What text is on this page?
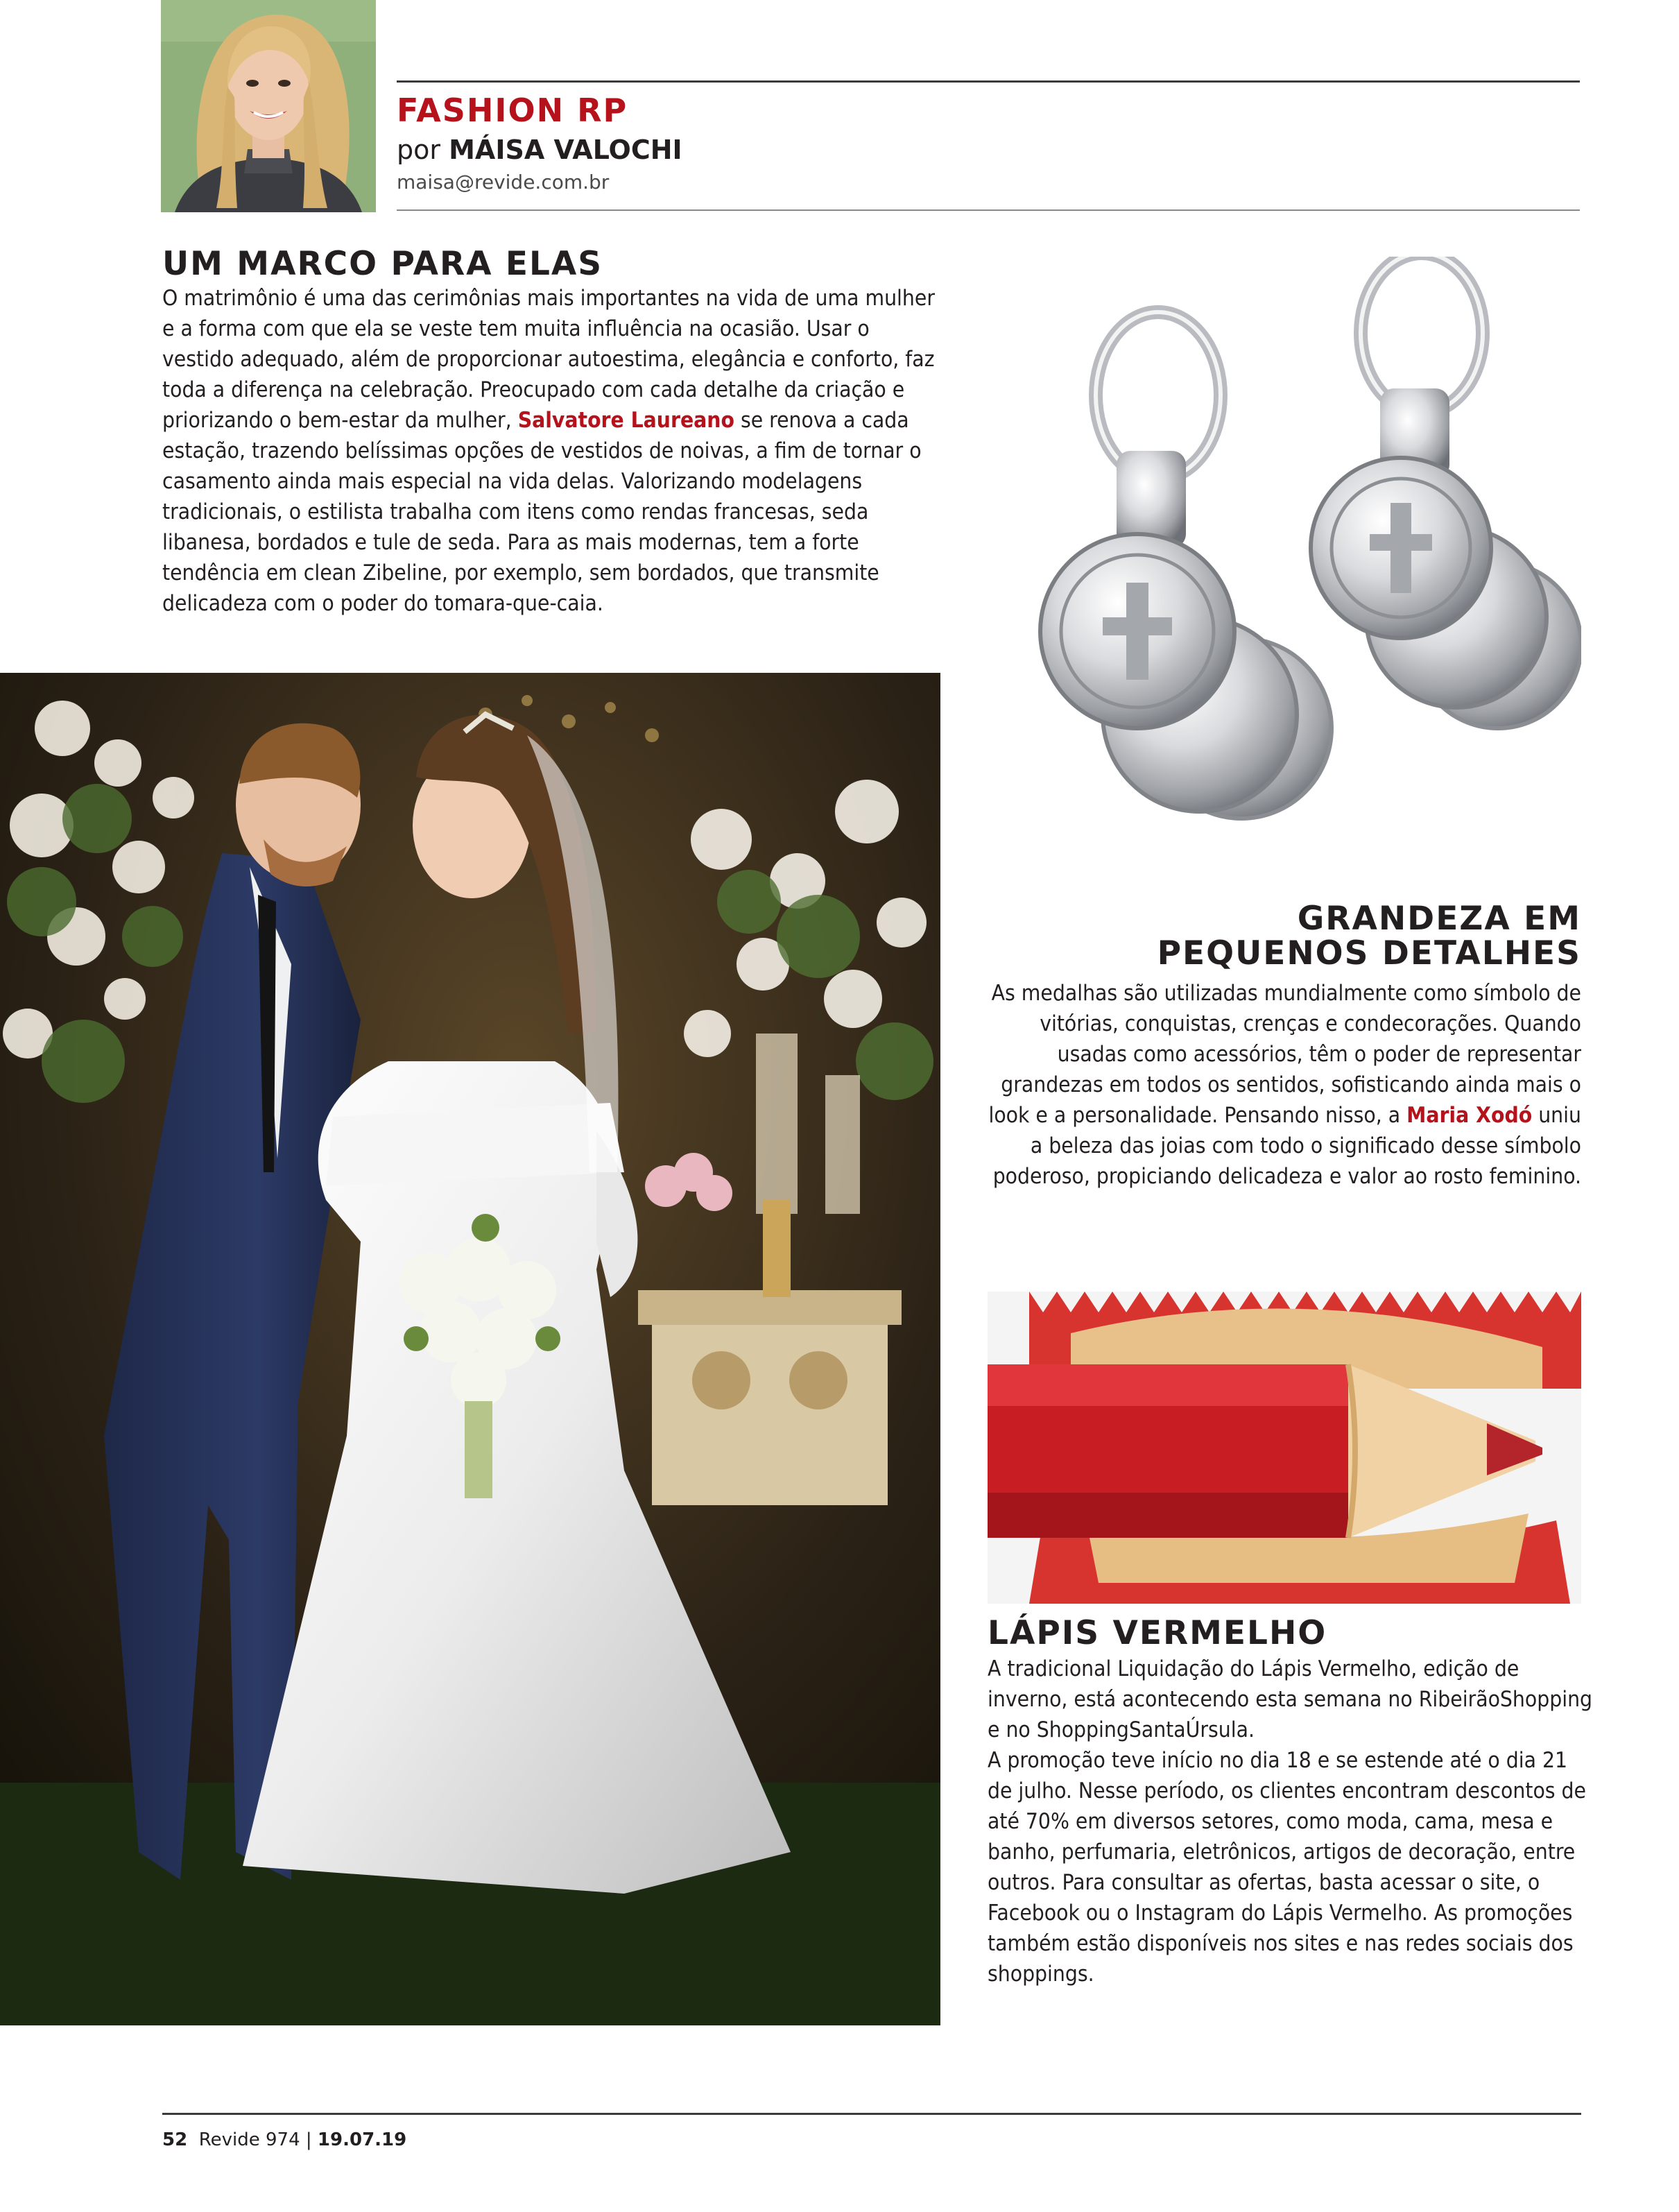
FASHION RP
por MÁISA VALOCHI
maisa@revide.com.br
UM MARCO PARA ELAS

O matrimônio é uma das cerimônias mais importantes na vida de uma mulher e a forma com que ela se veste tem muita influência na ocasião. Usar o vestido adequado, além de proporcionar autoestima, elegância e conforto, faz toda a diferença na celebração. Preocupado com cada detalhe da criação e priorizando o bem-estar da mulher, Salvatore Laureano se renova a cada estação, trazendo belíssimas opções de vestidos de noivas, a fim de tornar o casamento ainda mais especial na vida delas. Valorizando modelagens tradicionais, o estilista trabalha com itens como rendas francesas, seda libanesa, bordados e tule de seda. Para as mais modernas, tem a forte tendência em clean Zibeline, por exemplo, sem bordados, que transmite delicadeza com o poder do tomara-que-caia.

GRANDEZA EM
PEQUENOS DETALHES

As medalhas são utilizadas mundialmente como símbolo de vitórias, conquistas, crenças e condecorações. Quando usadas como acessórios, têm o poder de representar grandezas em todos os sentidos, sofisticando ainda mais o look e a personalidade. Pensando nisso, a Maria Xodó uniu a beleza das joias com todo o significado desse símbolo poderoso, propiciando delicadeza e valor ao rosto feminino.

LÁPIS VERMELHO
A tradicional Liquidação do Lápis Vermelho, edição de inverno, está acontecendo esta semana no RibeirãoShopping e no ShoppingSantaÚrsula.
A promoção teve início no dia 18 e se estende até o dia 21 de julho. Nesse período, os clientes encontram descontos de até 70% em diversos setores, como moda, cama, mesa e banho, perfumaria, eletrônicos, artigos de decoração, entre outros. Para consultar as ofertas, basta acessar o site, o Facebook ou o Instagram do Lápis Vermelho. As promoções também estão disponíveis nos sites e nas redes sociais dos shoppings.
52 Revide 974 | 19.07.19
